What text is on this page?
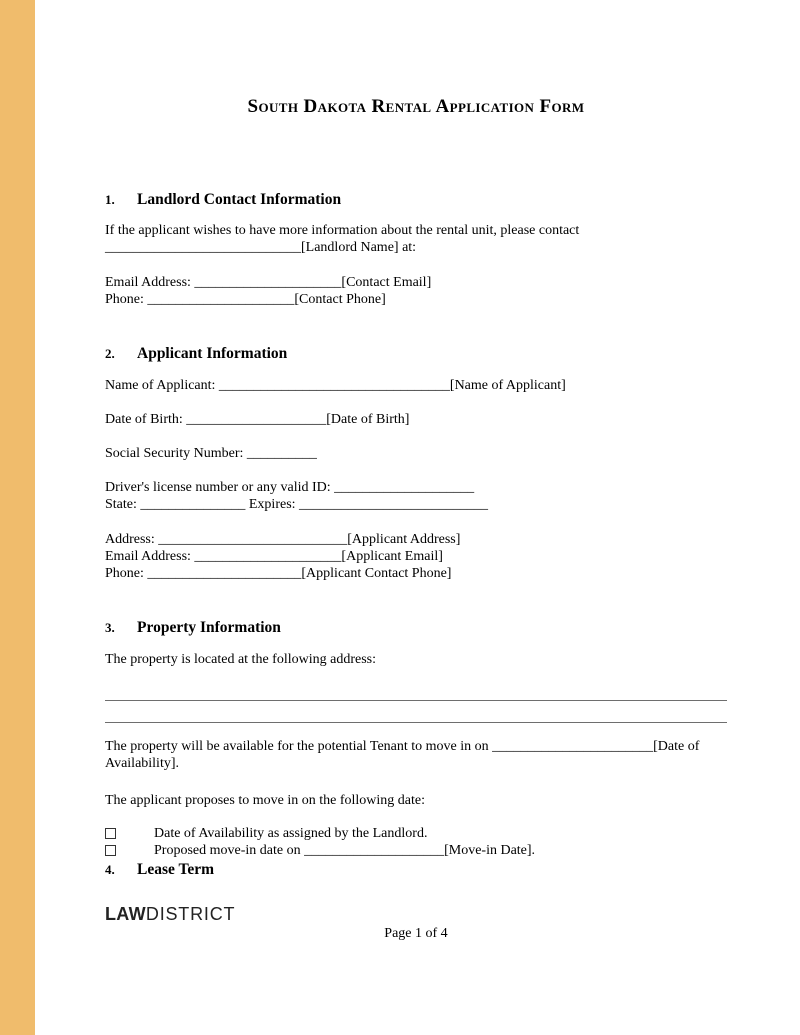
South Dakota Rental Application Form
1.	Landlord Contact Information
If the applicant wishes to have more information about the rental unit, please contact
____________________________[Landlord Name] at:
Email Address: _____________________[Contact Email]
Phone: _____________________[Contact Phone]
2.	Applicant Information
Name of Applicant: _________________________________[Name of Applicant]
Date of Birth: ____________________[Date of Birth]
Social Security Number: __________
Driver's license number or any valid ID: ____________________
State: _______________ Expires: ___________________________
Address: ___________________________[Applicant Address]
Email Address: _____________________[Applicant Email]
Phone: ______________________[Applicant Contact Phone]
3.	Property Information
The property is located at the following address:
The property will be available for the potential Tenant to move in on _______________________[Date of
Availability].
The applicant proposes to move in on the following date:
Date of Availability as assigned by the Landlord.
Proposed move-in date on ____________________[Move-in Date].
4.	Lease Term
LAWDISTRICT
Page 1 of 4
